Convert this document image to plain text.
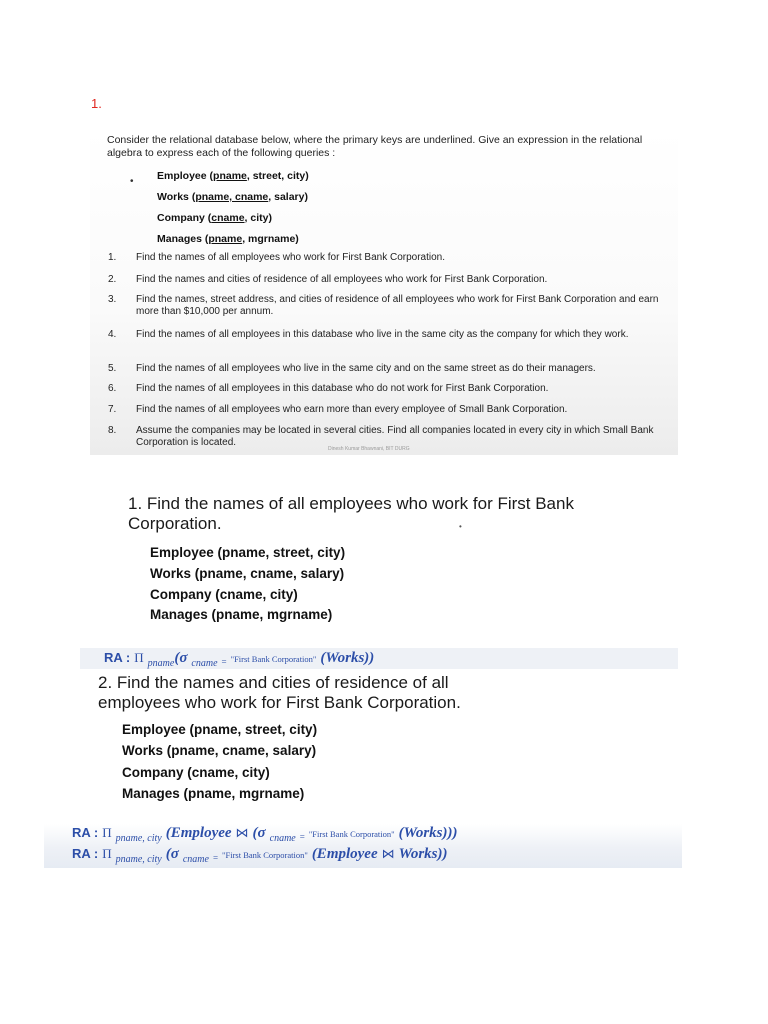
1.
Consider the relational database below, where the primary keys are underlined. Give an expression in the relational algebra to express each of the following queries :
• Employee (pname, street, city)
Works (pname, cname, salary)
Company (cname, city)
Manages (pname, mgrname)
1.	Find the names of all employees who work for First Bank Corporation.
2.	Find the names and cities of residence of all employees who work for First Bank Corporation.
3.	Find the names, street address, and cities of residence of all employees who work for First Bank Corporation and earn more than $10,000 per annum.
4.	Find the names of all employees in this database who live in the same city as the company for which they work.
5.	Find the names of all employees who live in the same city and on the same street as do their managers.
6.	Find the names of all employees in this database who do not work for First Bank Corporation.
7.	Find the names of all employees who earn more than every employee of Small Bank Corporation.
8.	Assume the companies may be located in several cities. Find all companies located in every city in which Small Bank Corporation is located.
Dinesh Kumar Bhawnani, BIT DURG
1. Find the names of all employees who work for First Bank
Corporation.	•
Employee (pname, street, city)
Works (pname, cname, salary)
Company (cname, city)
Manages (pname, mgrname)
RA : Π $_{pname}$(σ $_{cname}$ = "First Bank Corporation" (Works))
2. Find the names and cities of residence of all
employees who work for First Bank Corporation.
Employee (pname, street, city)
Works (pname, cname, salary)
Company (cname, city)
Manages (pname, mgrname)
RA : Π $_{pname, city}$ (Employee ⋈ (σ $_{cname}$ = "First Bank Corporation" (Works)))
RA : Π $_{pname, city}$ (σ $_{cname}$ = "First Bank Corporation" (Employee ⋈ Works))
